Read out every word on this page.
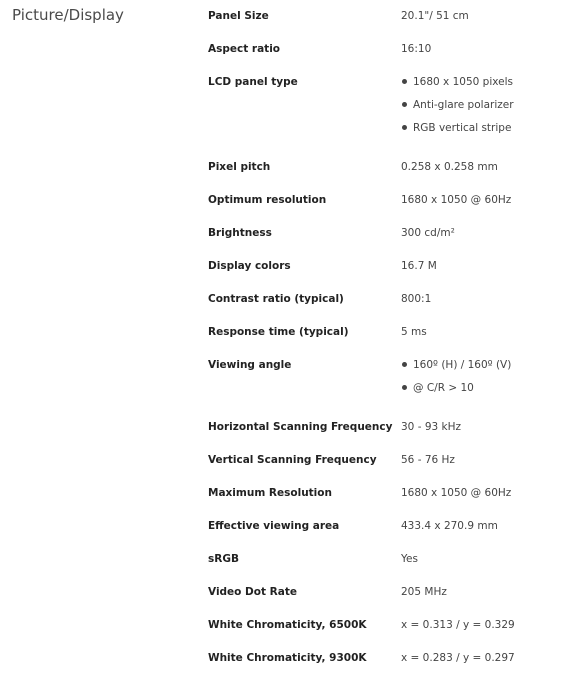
Picture/Display	Panel Size	20.1"/ 51 cm
Aspect ratio	16:10
LCD panel type	1680 x 1050 pixels
Anti-glare polarizer
RGB vertical stripe
Pixel pitch	0.258 x 0.258 mm
Optimum resolution	1680 x 1050 @ 60Hz
Brightness	300 cd/m²
Display colors	16.7 M
Contrast ratio (typical)	800:1
Response time (typical)	5 ms
Viewing angle	160º (H) / 160º (V)
@ C/R > 10
Horizontal Scanning Frequency 30 - 93 kHz
Vertical Scanning Frequency	56 - 76 Hz
Maximum Resolution	1680 x 1050 @ 60Hz
Effective viewing area	433.4 x 270.9 mm
sRGB	Yes
Video Dot Rate	205 MHz
White Chromaticity, 6500K	x = 0.313 / y = 0.329
White Chromaticity, 9300K	x = 0.283 / y = 0.297
